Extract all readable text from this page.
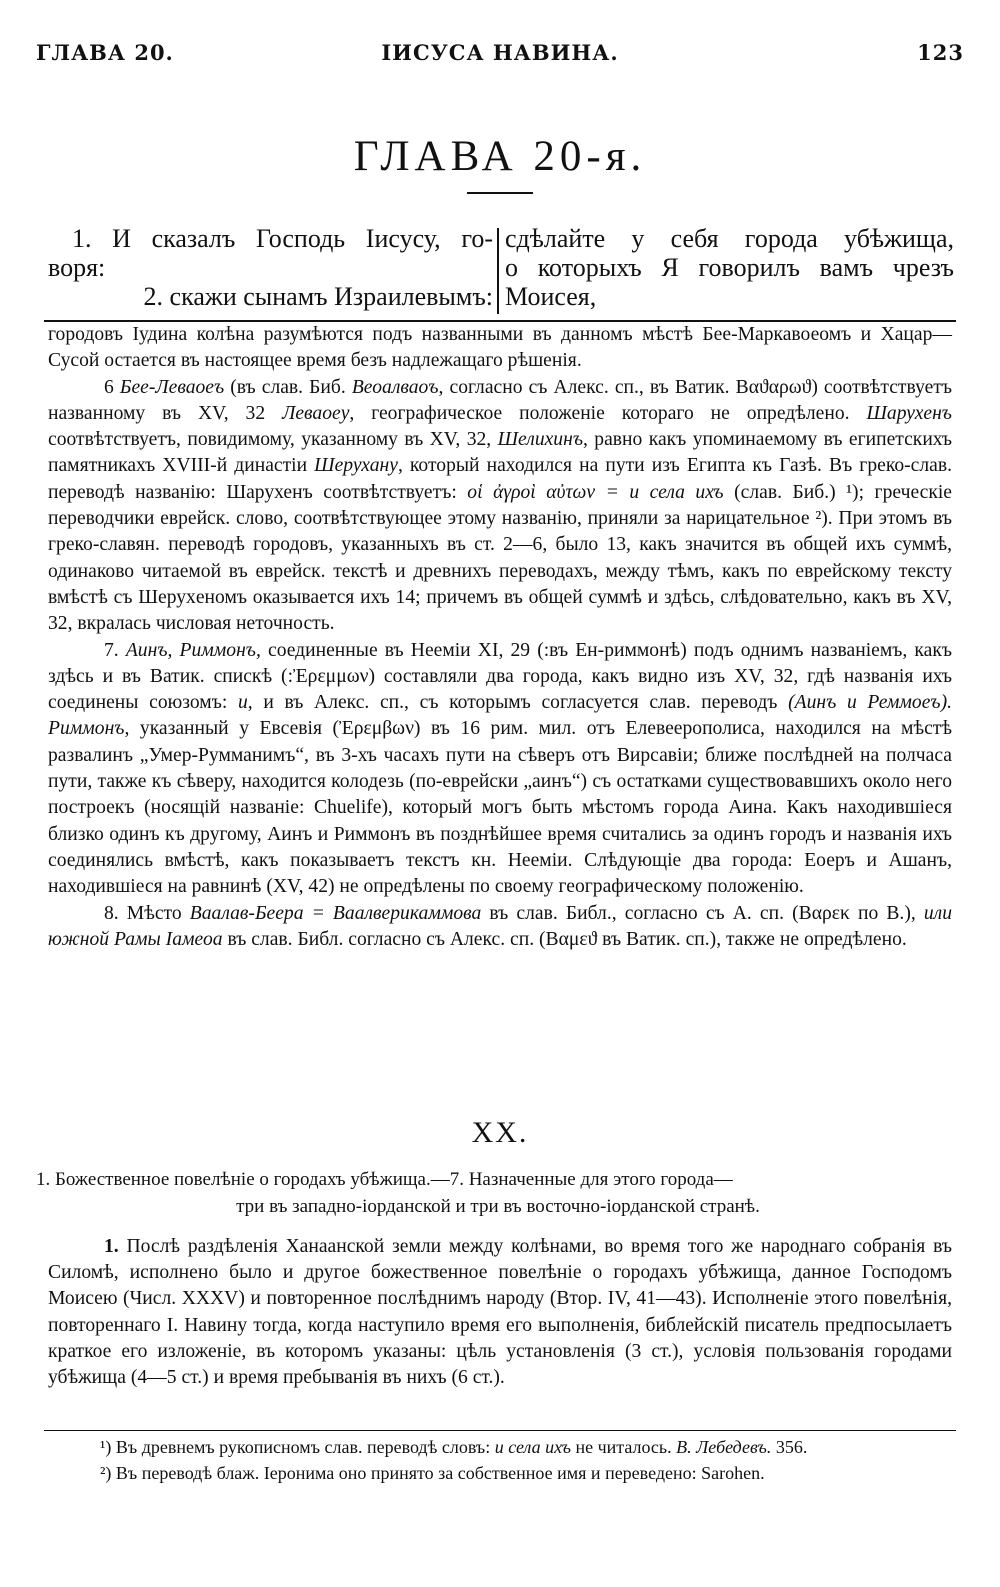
ГЛАВА 20.	ІИСУСА НАВИНА.	123
ГЛАВА 20-я.
1. И сказалъ Господь Іисусу, го-
воря:
2. скажи сынамъ Израилевымъ:
сдѣлайте у себя города убѣжища,
о которыхъ Я говорилъ вамъ чрезъ
Моисея,

городовъ Іудина колѣна разумѣются подъ названными въ данномъ мѣстѣ Бее-Маркавоеомъ и Хацар—Сусой остается въ настоящее время безъ надлежащаго рѣшенія.

6 Бее-Леваоеъ (въ слав. Биб. Веоалваоъ, согласно съ Алекс. сп., въ Ватик. Βαϑαρωϑ) соотвѣтствуетъ названному въ XV, 32 Леваоеу, географическое положеніе котораго не опредѣлено. Шарухенъ соотвѣтствуетъ, повидимому, указанному въ XV, 32, Шелихинъ, равно какъ упоминаемому въ египетскихъ памятникахъ XVIII-й династіи Шерухану, который находился на пути изъ Египта къ Газѣ. Въ греко-слав. переводѣ названію: Шарухенъ соотвѣтствуетъ: οἱ ἀγροὶ αὐτων = и села ихъ (слав. Биб.) ¹); греческіе переводчики еврейск. слово, соотвѣтствующее этому названію, приняли за нарицательное ²). При этомъ въ греко-славян. переводѣ городовъ, указанныхъ въ ст. 2—6, было 13, какъ значится въ общей ихъ суммѣ, одинаково читаемой въ еврейск. текстѣ и древнихъ переводахъ, между тѣмъ, какъ по еврейскому тексту вмѣстѣ съ Шеруxеномъ оказывается ихъ 14; причемъ въ общей суммѣ и здѣсь, слѣдовательно, какъ въ XV, 32, вкралась числовая неточность.

7. Аинъ, Риммонъ, соединенные въ Нееміи XI, 29 (:въ Ен-риммонѣ) подъ однимъ названіемъ, какъ здѣсь и въ Ватик. спискѣ (:Ἐρεμμων) составляли два города, какъ видно изъ XV, 32, гдѣ названія ихъ соединены союзомъ: и, и въ Алекс. сп., съ которымъ согласуется слав. переводъ (Аинъ и Реммоеъ). Риммонъ, указанный у Евсевія (Ἐρεμβων) въ 16 рим. мил. отъ Елевеерополиса, находился на мѣстѣ развалинъ „Умер-Румманимъ“, въ 3-хъ часахъ пути на сѣверъ отъ Вирсавіи; ближе послѣдней на полчаса пути, также къ сѣверу, находится колодезь (по-еврейски „аинъ“) съ остатками существовавшихъ около него построекъ (носящій названіе: Chuelife), который могъ быть мѣстомъ города Аина. Какъ находившіеся близко одинъ къ другому, Аинъ и Риммонъ въ позднѣйшее время считались за одинъ городъ и названія ихъ соединялись вмѣстѣ, какъ показываетъ текстъ кн. Нееміи. Слѣдующіе два города: Еоеръ и Ашанъ, находившіеся на равнинѣ (XV, 42) не опредѣлены по своему географическому положенію.

8. Мѣсто Ваалав-Беера = Ваалверикаммова въ слав. Библ., согласно съ А. сп. (Βαρεκ по В.), или южной Рамы Іамеоа въ слав. Библ. согласно съ Алекс. сп. (Βαμεϑ въ Ватик. сп.), также не опредѣлено.

XX.
1. Божественное повелѣніе о городахъ убѣжища.—7. Назначенные для этого города—
три въ западно-іорданской и три въ восточно-іорданской странѣ.

1. Послѣ раздѣленія Ханаанской земли между колѣнами, во время того же народнаго собранія въ Силомѣ, исполнено было и другое божественное повелѣніе о городахъ убѣжища, данное Господомъ Моисею (Числ. XXXV) и повторенное послѣднимъ народу (Втор. IV, 41—43). Исполненіе этого повелѣнія, повтореннаго І. Навину тогда, когда наступило время его выполненія, библейскій писатель предпосылаетъ краткое его изложеніе, въ которомъ указаны: цѣль установленія (3 ст.), условія пользованія городами убѣжища (4—5 ст.) и время пребыванія въ нихъ (6 ст.).

¹) Въ древнемъ рукописномъ слав. переводѣ словъ: и села ихъ не читалось. В. Лебедевъ. 356.

²) Въ переводѣ блаж. Іеронима оно принято за собственное имя и переведено: Sarohen.
